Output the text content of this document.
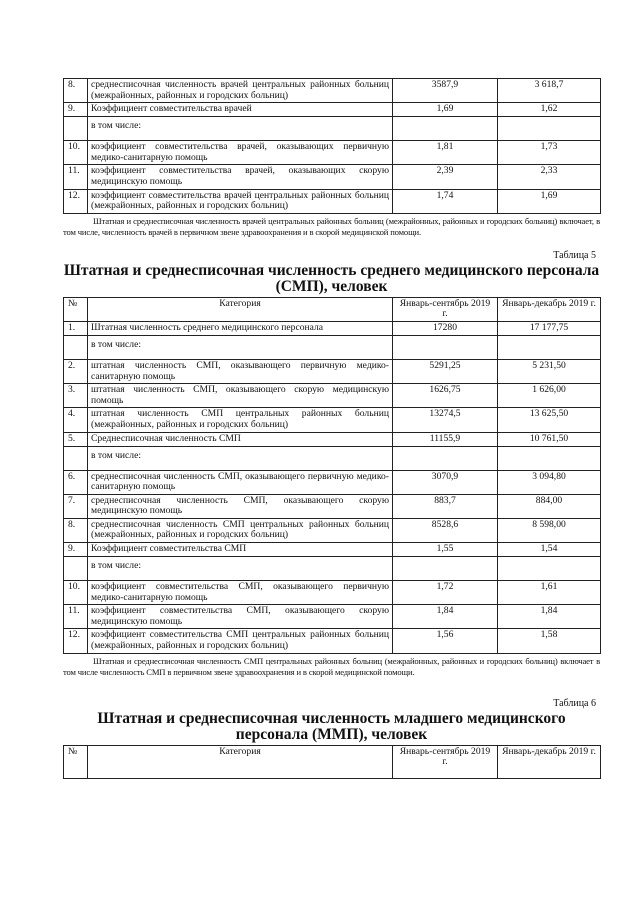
8.	среднесписочная численность врачей центральных районных больниц (межрайонных, районных и городских больниц)	3587,9	3 618,7
9.	Коэффициент совместительства врачей	1,69	1,62
	в том числе:		
10.	коэффициент совместительства врачей, оказывающих первичную медико-санитарную помощь	1,81	1,73
11.	коэффициент совместительства врачей, оказывающих скорую медицинскую помощь	2,39	2,33
12.	коэффициент совместительства врачей центральных районных больниц (межрайонных, районных и городских больниц)	1,74	1,69

Штатная и среднесписочная численность врачей центральных районных больниц (межрайонных, районных и городских больниц) включает, в том числе, численность врачей в первичном звене здравоохранения и в скорой медицинской помощи.

Таблица 5
Штатная и среднесписочная численность среднего медицинского персонала (СМП), человек
№	Категория	Январь-сентябрь 2019 г.	Январь-декабрь 2019 г.
1.	Штатная численность среднего медицинского персонала	17280	17 177,75
	в том числе:		
2.	штатная численность СМП, оказывающего первичную медико-санитарную помощь	5291,25	5 231,50
3.	штатная численность СМП, оказывающего скорую медицинскую помощь	1626,75	1 626,00
4.	штатная численность СМП центральных районных больниц (межрайонных, районных и городских больниц)	13274,5	13 625,50
5.	Среднесписочная численность СМП	11155,9	10 761,50
	в том числе:		
6.	среднесписочная численность СМП, оказывающего первичную медико-санитарную помощь	3070,9	3 094,80
7.	среднесписочная численность СМП, оказывающего скорую медицинскую помощь	883,7	884,00
8.	среднесписочная численность СМП центральных районных больниц (межрайонных, районных и городских больниц)	8528,6	8 598,00
9.	Коэффициент совместительства СМП	1,55	1,54
	в том числе:		
10.	коэффициент совместительства СМП, оказывающего первичную медико-санитарную помощь	1,72	1,61
11.	коэффициент совместительства СМП, оказывающего скорую медицинскую помощь	1,84	1,84
12.	коэффициент совместительства СМП центральных районных больниц (межрайонных, районных и городских больниц)	1,56	1,58

Штатная и среднесписочная численность СМП центральных районных больниц (межрайонных, районных и городских больниц) включает в том числе численность СМП в первичном звене здравоохранения и в скорой медицинской помощи.

Таблица 6
Штатная и среднесписочная численность младшего медицинского персонала (ММП), человек
№	Категория	Январь-сентябрь 2019 г.	Январь-декабрь 2019 г.
